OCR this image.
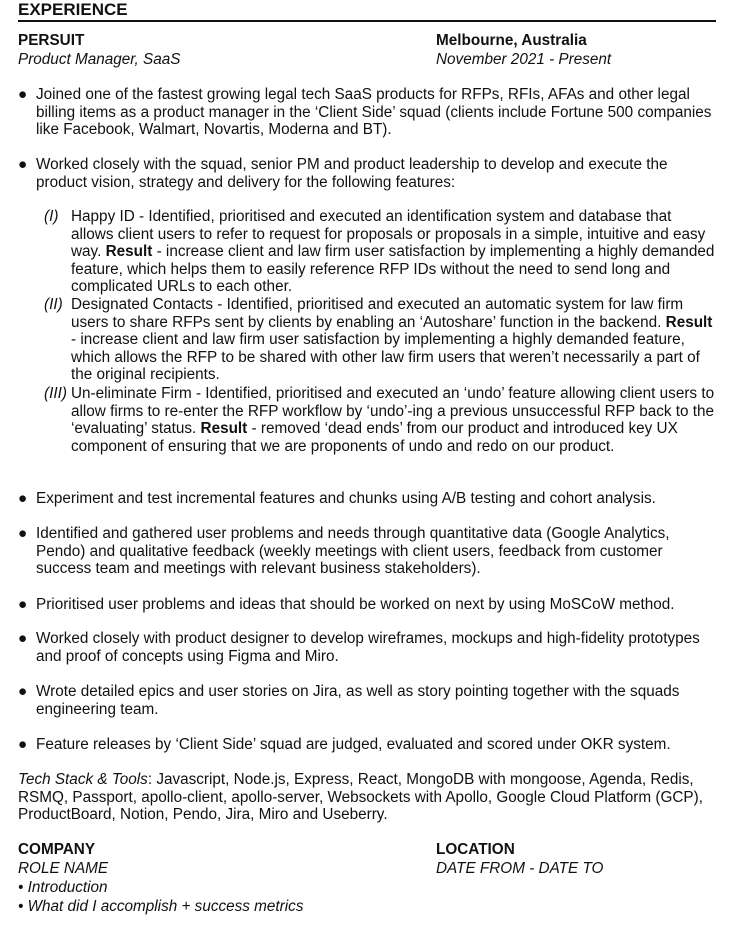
EXPERIENCE
PERSUIT	Melbourne, Australia
Product Manager, SaaS	November 2021 - Present
● Joined one of the fastest growing legal tech SaaS products for RFPs, RFIs, AFAs and other legal billing items as a product manager in the ‘Client Side’ squad (clients include Fortune 500 companies like Facebook, Walmart, Novartis, Moderna and BT).
● Worked closely with the squad, senior PM and product leadership to develop and execute the product vision, strategy and delivery for the following features:
(I) Happy ID - Identified, prioritised and executed an identification system and database that allows client users to refer to request for proposals or proposals in a simple, intuitive and easy way. Result - increase client and law firm user satisfaction by implementing a highly demanded feature, which helps them to easily reference RFP IDs without the need to send long and complicated URLs to each other.
(II) Designated Contacts - Identified, prioritised and executed an automatic system for law firm users to share RFPs sent by clients by enabling an ‘Autoshare’ function in the backend. Result - increase client and law firm user satisfaction by implementing a highly demanded feature, which allows the RFP to be shared with other law firm users that weren’t necessarily a part of the original recipients.
(III) Un-eliminate Firm - Identified, prioritised and executed an ‘undo’ feature allowing client users to allow firms to re-enter the RFP workflow by ‘undo’-ing a previous unsuccessful RFP back to the ‘evaluating’ status. Result - removed ‘dead ends’ from our product and introduced key UX component of ensuring that we are proponents of undo and redo on our product.
● Experiment and test incremental features and chunks using A/B testing and cohort analysis.
● Identified and gathered user problems and needs through quantitative data (Google Analytics, Pendo) and qualitative feedback (weekly meetings with client users, feedback from customer success team and meetings with relevant business stakeholders).
● Prioritised user problems and ideas that should be worked on next by using MoSCoW method.
● Worked closely with product designer to develop wireframes, mockups and high-fidelity prototypes and proof of concepts using Figma and Miro.
● Wrote detailed epics and user stories on Jira, as well as story pointing together with the squads engineering team.
● Feature releases by ‘Client Side’ squad are judged, evaluated and scored under OKR system.
Tech Stack & Tools: Javascript, Node.js, Express, React, MongoDB with mongoose, Agenda, Redis, RSMQ, Passport, apollo-client, apollo-server, Websockets with Apollo, Google Cloud Platform (GCP), ProductBoard, Notion, Pendo, Jira, Miro and Useberry.
COMPANY	LOCATION
ROLE NAME	DATE FROM - DATE TO
• Introduction
• What did I accomplish + success metrics
